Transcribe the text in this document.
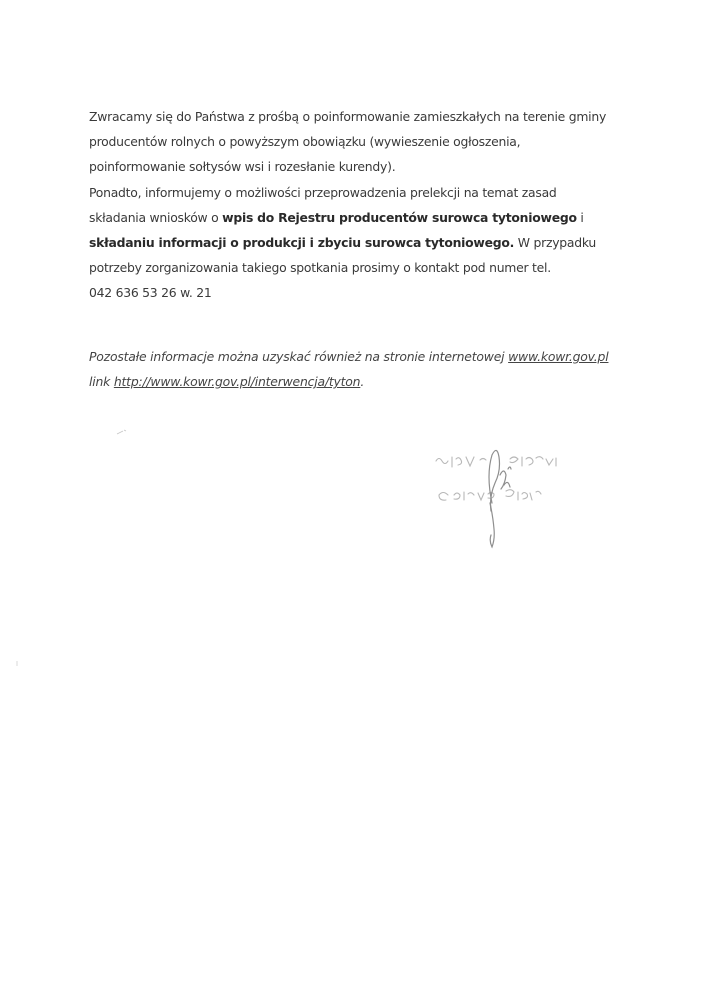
Zwracamy się do Państwa z prośbą o poinformowanie zamieszkałych na terenie gminy
producentów rolnych o powyższym obowiązku (wywieszenie ogłoszenia,
poinformowanie sołtysów wsi i rozesłanie kurendy).
Ponadto, informujemy o możliwości przeprowadzenia prelekcji na temat zasad
składania wniosków o wpis do Rejestru producentów surowca tytoniowego i
składaniu informacji o produkcji i zbyciu surowca tytoniowego. W przypadku
potrzeby zorganizowania takiego spotkania prosimy o kontakt pod numer tel.
042 636 53 26 w. 21
Pozostałe informacje można uzyskać również na stronie internetowej www.kowr.gov.pl
link http://www.kowr.gov.pl/interwencja/tyton.
